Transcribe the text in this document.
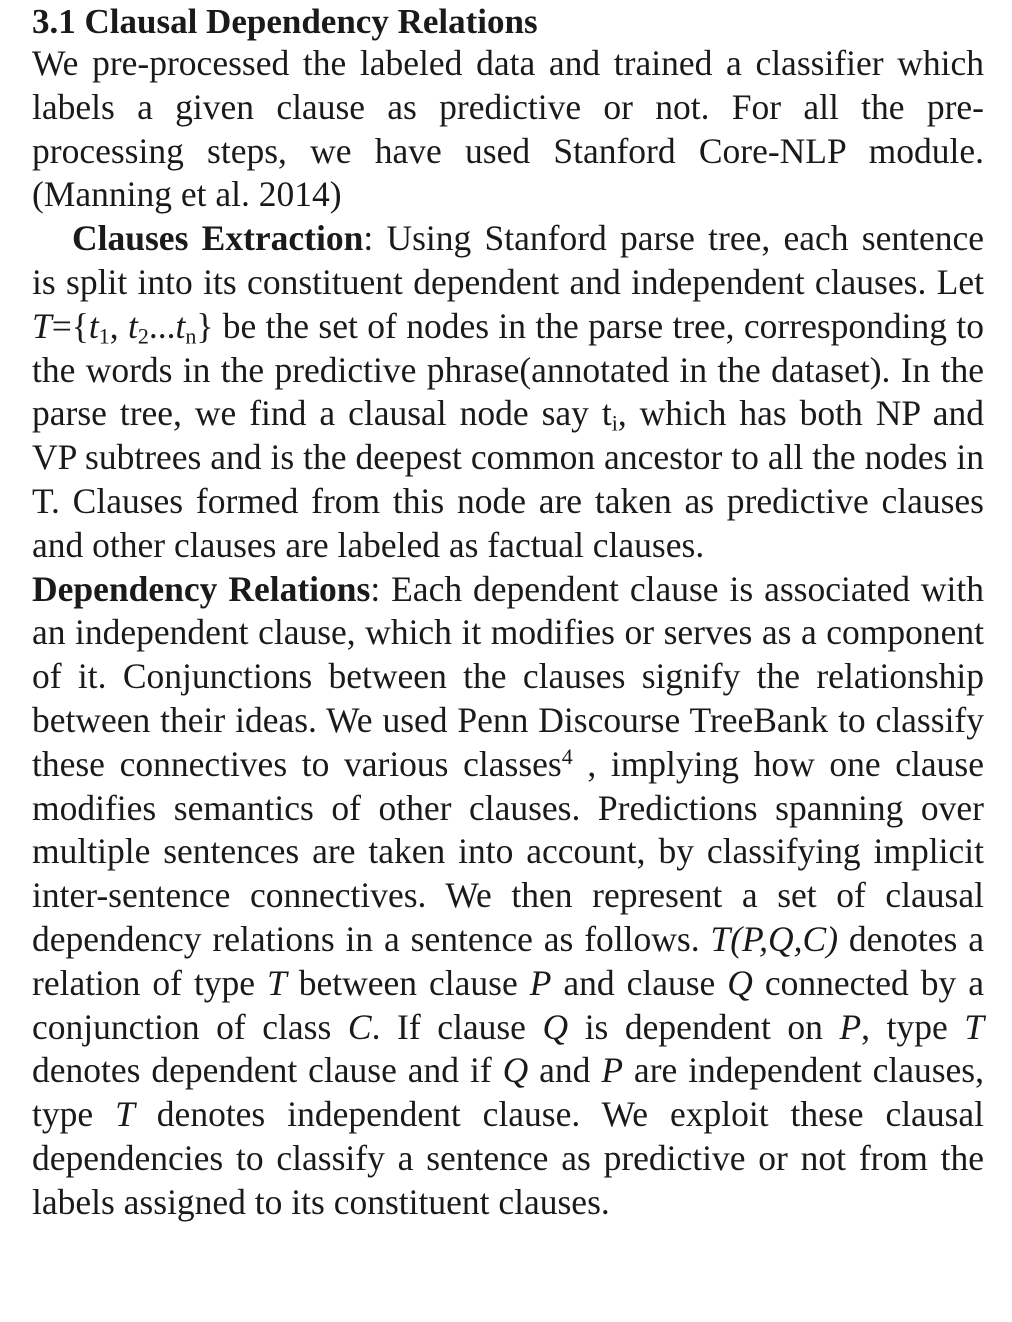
3.1 Clausal Dependency Relations

We pre-processed the labeled data and trained a classifier which labels a given clause as predictive or not. For all the pre-processing steps, we have used Stanford Core-NLP module. (Manning et al. 2014)

Clauses Extraction: Using Stanford parse tree, each sentence is split into its constituent dependent and independent clauses. Let $T=\{t_1$, $t_2...t_n$} be the set of nodes in the parse tree, corresponding to the words in the predictive phrase(annotated in the dataset). In the parse tree, we find a clausal node say $t_i$, which has both NP and VP subtrees and is the deepest common ancestor to all the nodes in T. Clauses formed from this node are taken as predictive clauses and other clauses are labeled as factual clauses.

Dependency Relations: Each dependent clause is associated with an independent clause, which it modifies or serves as a component of it. Conjunctions between the clauses signify the relationship between their ideas. We used Penn Discourse TreeBank to classify these connectives to various classes$^4$ , implying how one clause modifies semantics of other clauses. Predictions spanning over multiple sentences are taken into account, by classifying implicit inter-sentence connectives. We then represent a set of clausal dependency relations in a sentence as follows. T(P,Q,C) denotes a relation of type T between clause P and clause Q connected by a conjunction of class C. If clause Q is dependent on P, type T denotes dependent clause and if Q and P are independent clauses, type T denotes independent clause. We exploit these clausal dependencies to classify a sentence as predictive or not from the labels assigned to its constituent clauses.
